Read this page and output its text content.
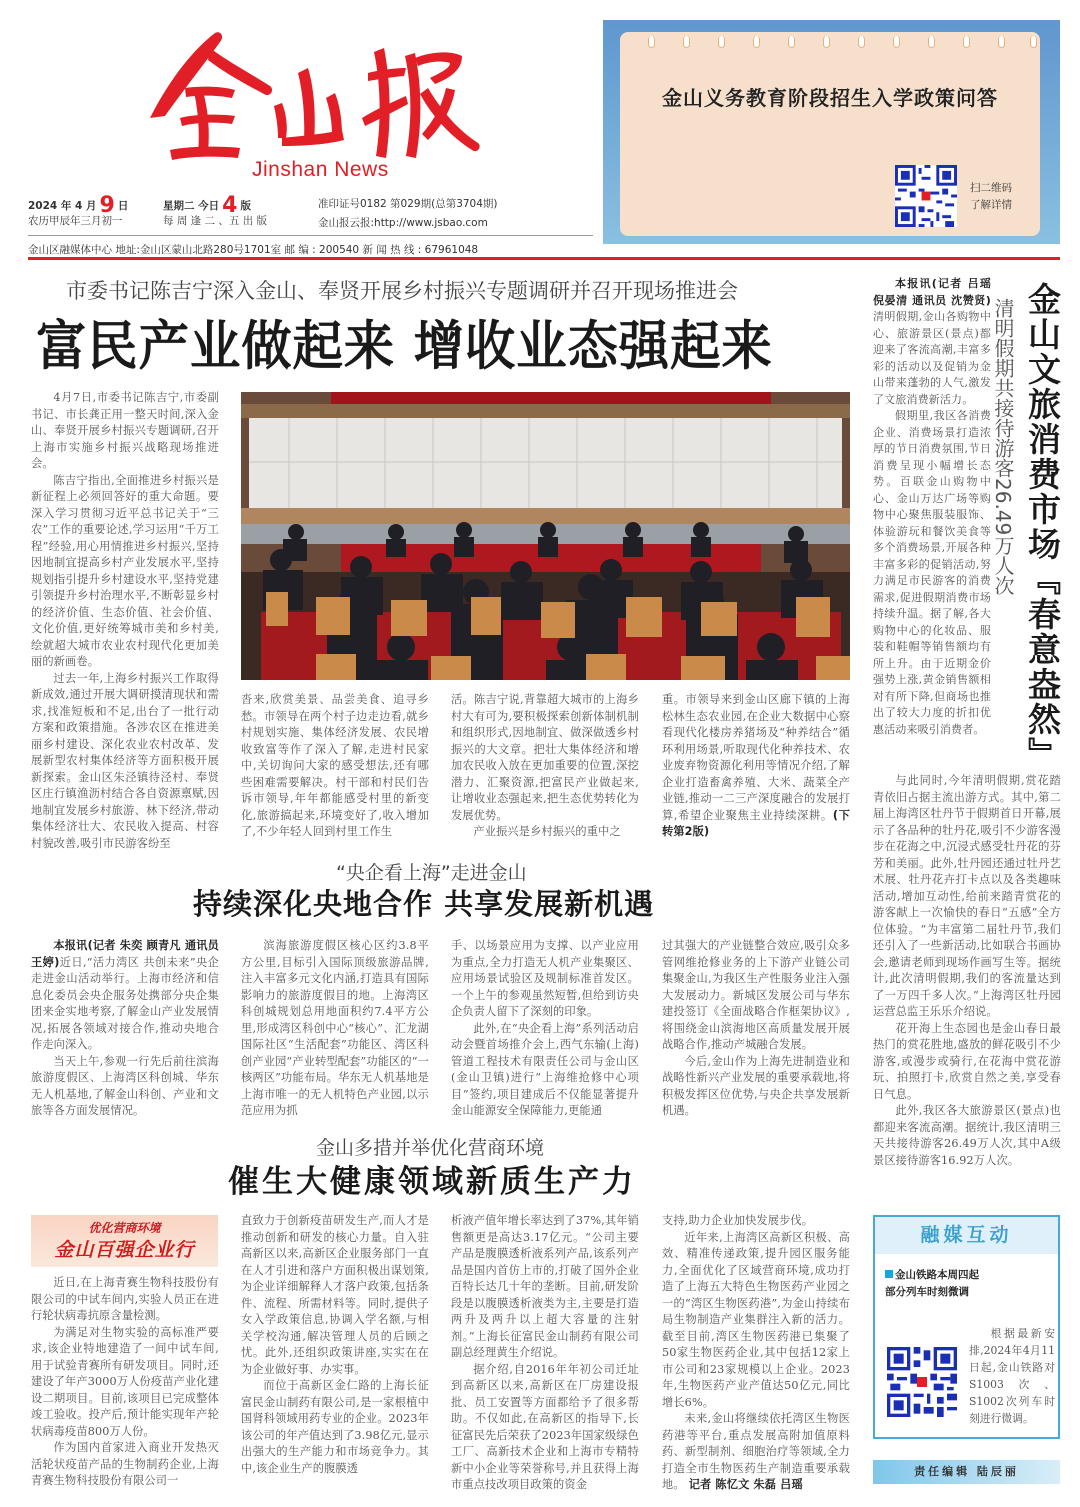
Jinshan News
2024 年 4 月 9 日
农历甲辰年三月初一
星期二 今日 4 版
每 周 逢 二 、五 出 版
准印证号0182 第029期(总第3704期)
金山报云报:http://www.jsbao.com
金山区融媒体中心 地址:金山区蒙山北路280号1701室 邮 编 : 200540 新 闻 热 线 : 67961048
金山义务教育阶段招生入学政策问答
扫二维码
了解详情
市委书记陈吉宁深入金山、奉贤开展乡村振兴专题调研并召开现场推进会
富民产业做起来 增收业态强起来

4月7日,市委书记陈吉宁,市委副书记、市长龚正用一整天时间,深入金山、奉贤开展乡村振兴专题调研,召开上海市实施乡村振兴战略现场推进会。

陈吉宁指出,全面推进乡村振兴是新征程上必须回答好的重大命题。要深入学习贯彻习近平总书记关于“三农”工作的重要论述,学习运用“千万工程”经验,用心用情推进乡村振兴,坚持因地制宜提高乡村产业发展水平,坚持规划指引提升乡村建设水平,坚持党建引领提升乡村治理水平,不断彰显乡村的经济价值、生态价值、社会价值、文化价值,更好统筹城市美和乡村美,绘就超大城市农业农村现代化更加美丽的新画卷。

过去一年,上海乡村振兴工作取得新成效,通过开展大调研摸清现状和需求,找准短板和不足,出台了一批行动方案和政策措施。各涉农区在推进美丽乡村建设、深化农业农村改革、发展新型农村集体经济等方面积极开展新探索。金山区朱泾镇待泾村、奉贤区庄行镇渔沥村结合各自资源禀赋,因地制宜发展乡村旅游、林下经济,带动集体经济壮大、农民收入提高、村容村貌改善,吸引市民游客纷至

沓来,欣赏美景、品尝美食、追寻乡愁。市领导在两个村子边走边看,就乡村规划实施、集体经济发展、农民增收致富等作了深入了解,走进村民家中,关切询问大家的感受想法,还有哪些困难需要解决。村干部和村民们告诉市领导,年年都能感受村里的新变化,旅游搞起来,环境变好了,收入增加了,不少年轻人回到村里工作生

活。陈吉宁说,背靠超大城市的上海乡村大有可为,要积极探索创新体制机制和组织形式,因地制宜、做深做透乡村振兴的大文章。把壮大集体经济和增加农民收入放在更加重要的位置,深挖潜力、汇聚资源,把富民产业做起来,让增收业态强起来,把生态优势转化为发展优势。

产业振兴是乡村振兴的重中之

重。市领导来到金山区廊下镇的上海松林生态农业园,在企业大数据中心察看现代化楼房养猪场及“种养结合”循环利用场景,听取现代化种养技术、农业废弃物资源化利用等情况介绍,了解企业打造畜禽养殖、大米、蔬菜全产业链,推动一二三产深度融合的发展打算,希望企业聚焦主业持续深耕。(下转第2版)

金山文旅消费市场『春意盎然』
清明假期共接待游客26.49万人次

本报讯(记者 吕瑶 倪晏清 通讯员 沈赞贤)清明假期,金山各购物中心、旅游景区(景点)都迎来了客流高潮,丰富多彩的活动以及促销为金山带来蓬勃的人气,激发了文旅消费新活力。

假期里,我区各消费企业、消费场景打造浓厚的节日消费氛围,节日消费呈现小幅增长态势。百联金山购物中心、金山万达广场等购物中心聚焦服装服饰、体验游玩和餐饮美食等多个消费场景,开展各种丰富多彩的促销活动,努力满足市民游客的消费需求,促进假期消费市场持续升温。据了解,各大购物中心的化妆品、服装和鞋帽等销售额均有所上升。由于近期金价强势上涨,黄金销售额相对有所下降,但商场也推出了较大力度的折扣优惠活动来吸引消费者。

与此同时,今年清明假期,赏花踏青依旧占据主流出游方式。其中,第二届上海湾区牡丹节于假期首日开幕,展示了各品种的牡丹花,吸引不少游客漫步在花海之中,沉浸式感受牡丹花的芬芳和美丽。此外,牡丹园还通过牡丹艺术展、牡丹花卉打卡点以及各类趣味活动,增加互动性,给前来踏青赏花的游客献上一次愉快的春日“五感”全方位体验。“为丰富第二届牡丹节,我们还引入了一些新活动,比如联合书画协会,邀请老师到现场作画写生等。据统计,此次清明假期,我们的客流量达到了一万四千多人次。”上海湾区牡丹园运营总监王乐乐介绍说。

花开海上生态园也是金山春日最热门的赏花胜地,盛放的鲜花吸引不少游客,或漫步或骑行,在花海中赏花游玩、拍照打卡,欣赏自然之美,享受春日气息。

此外,我区各大旅游景区(景点)也都迎来客流高潮。据统计,我区清明三天共接待游客26.49万人次,其中A级景区接待游客16.92万人次。

“央企看上海”走进金山
持续深化央地合作 共享发展新机遇

本报讯(记者 朱奕 顾青凡 通讯员 王婷)近日,“活力湾区 共创未来”央企走进金山活动举行。上海市经济和信息化委员会央企服务处携部分央企集团来金实地考察,了解金山产业发展情况,拓展各领域对接合作,推动央地合作走向深入。

当天上午,参观一行先后前往滨海旅游度假区、上海湾区科创城、华东无人机基地,了解金山科创、产业和文旅等各方面发展情况。

滨海旅游度假区核心区约3.8平方公里,目标引入国际顶级旅游品牌,注入丰富多元文化内涵,打造具有国际影响力的旅游度假目的地。上海湾区科创城规划总用地面积约7.4平方公里,形成湾区科创中心“核心”、汇龙湖国际社区“生活配套”功能区、湾区科创产业园“产业转型配套”功能区的“一核两区”功能布局。华东无人机基地是上海市唯一的无人机特色产业园,以示范应用为抓

手、以场景应用为支撑、以产业应用为重点,全力打造无人机产业集聚区、应用场景试验区及规制标准首发区。一个上午的参观虽然短暂,但给到访央企负责人留下了深刻的印象。

此外,在“央企看上海”系列活动启动会暨首场推介会上,西气东输(上海)管道工程技术有限责任公司与金山区(金山卫镇)进行“上海维抢修中心项目”签约,项目建成后不仅能显著提升金山能源安全保障能力,更能通

过其强大的产业链整合效应,吸引众多管网维抢修业务的上下游产业链公司集聚金山,为我区生产性服务业注入强大发展动力。新城区发展公司与华东建投签订《全面战略合作框架协议》,将围绕金山滨海地区高质量发展开展战略合作,推动产城融合发展。

今后,金山作为上海先进制造业和战略性新兴产业发展的重要承载地,将积极发挥区位优势,与央企共享发展新机遇。

金山多措并举优化营商环境
催生大健康领域新质生产力
优化营商环境
金山百强企业行

近日,在上海青赛生物科技股份有限公司的中试车间内,实验人员正在进行轮状病毒抗原含量检测。

为满足对生物实验的高标准严要求,该企业特地建造了一间中试车间,用于试验青赛所有研发项目。同时,还建设了年产3000万人份疫苗产业化建设二期项目。目前,该项目已完成整体竣工验收。投产后,预计能实现年产轮状病毒疫苗800万人份。

作为国内首家进入商业开发热灭活轮状疫苗产品的生物制药企业,上海青赛生物科技股份有限公司一

直致力于创新疫苗研发生产,而人才是推动创新和研发的核心力量。自入驻高新区以来,高新区企业服务部门一直在人才引进和落户方面积极出谋划策,为企业详细解释人才落户政策,包括条件、流程、所需材料等。同时,提供子女入学政策信息,协调入学名额,与相关学校沟通,解决管理人员的后顾之忧。此外,还组织政策讲座,实实在在为企业做好事、办实事。

而位于高新区金仁路的上海长征富民金山制药有限公司,是一家根植中国肾科领域用药专业的企业。2023年该公司的年产值达到了3.98亿元,显示出强大的生产能力和市场竞争力。其中,该企业生产的腹膜透

析液产值年增长率达到了37%,其年销售额更是高达3.17亿元。“公司主要产品是腹膜透析液系列产品,该系列产品是国内首仿上市的,打破了国外企业百特长达几十年的垄断。目前,研发阶段是以腹膜透析液类为主,主要是打造两升及两升以上超大容量的注射剂。”上海长征富民金山制药有限公司副总经理黄生介绍说。

据介绍,自2016年年初公司迁址到高新区以来,高新区在厂房建设报批、员工安置等方面都给予了很多帮助。不仅如此,在高新区的指导下,长征富民先后荣获了2023年国家级绿色工厂、高新技术企业和上海市专精特新中小企业等荣誉称号,并且获得上海市重点技改项目政策的资金

支持,助力企业加快发展步伐。

近年来,上海湾区高新区积极、高效、精准传递政策,提升园区服务能力,全面优化了区域营商环境,成功打造了上海五大特色生物医药产业园之一的“湾区生物医药港”,为金山持续布局生物制造产业集群注入新的活力。截至目前,湾区生物医药港已集聚了50家生物医药企业,其中包括12家上市公司和23家规模以上企业。2023年,生物医药产业产值达50亿元,同比增长6%。

未来,金山将继续依托湾区生物医药港等平台,重点发展高附加值原料药、新型制剂、细胞治疗等领域,全力打造全市生物医药生产制造重要承载地。 记者 陈忆文 朱磊 吕瑶

融媒互动
金山铁路本周四起
部分列车时刻微调

根据最新安排,2024年4月11日起,金山铁路对S1003次、S1002次列车时刻进行微调。

责任编辑 陆辰丽
